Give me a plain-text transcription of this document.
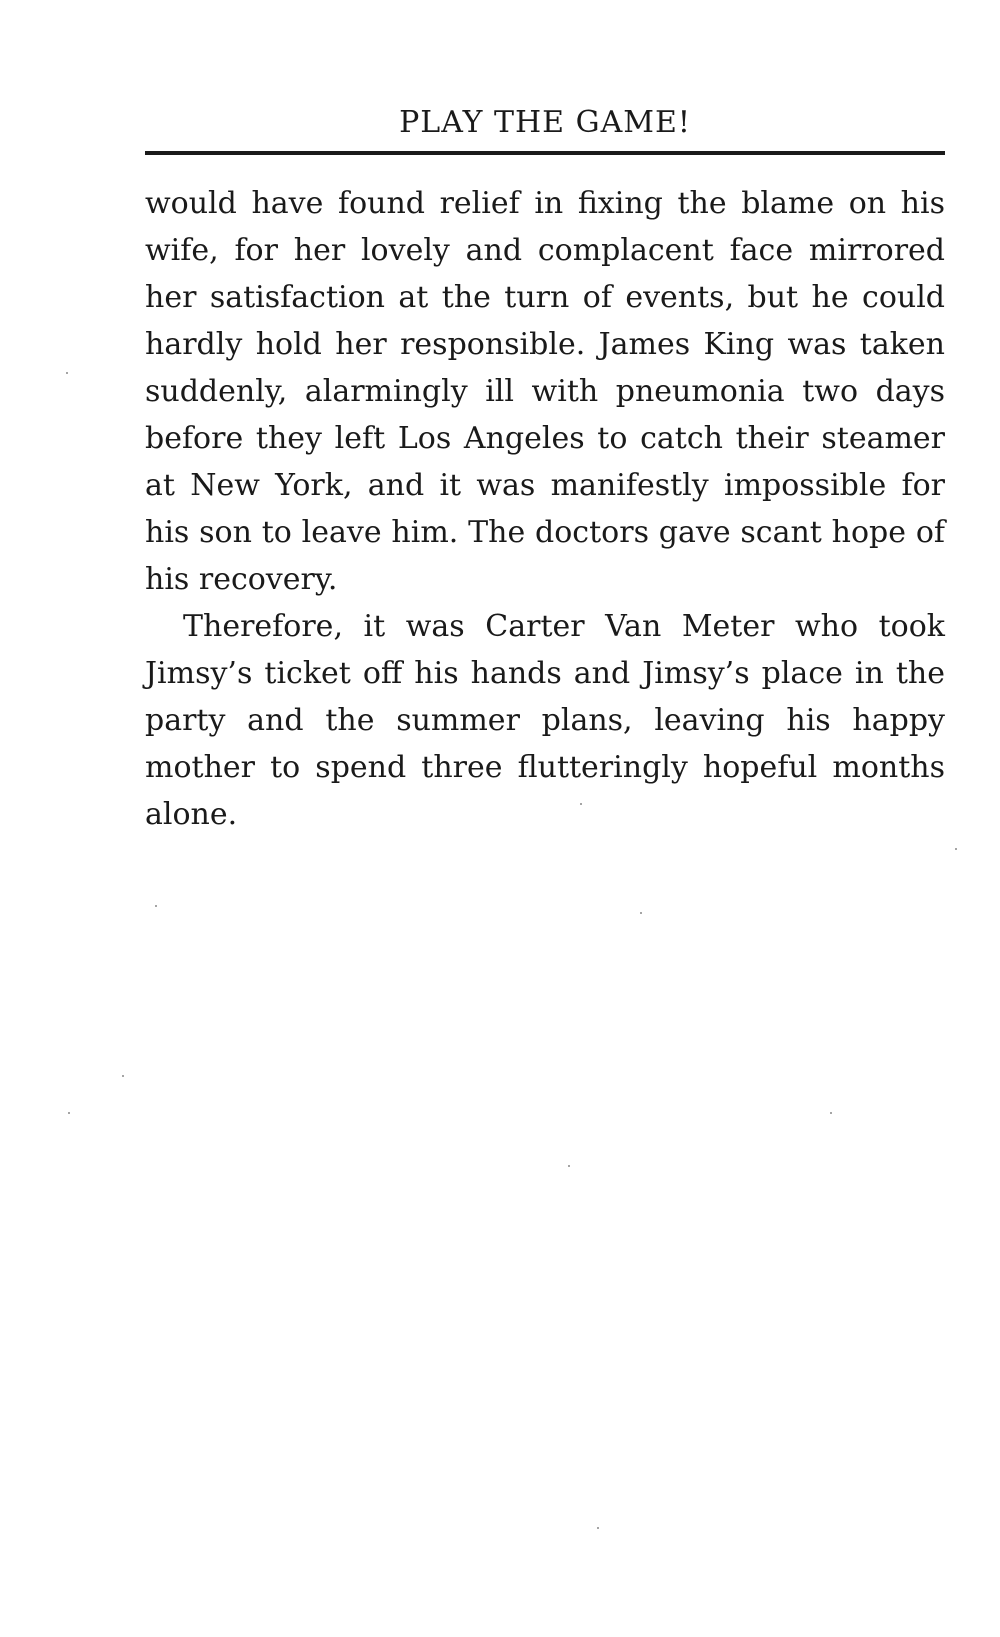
PLAY THE GAME!

would have found relief in fixing the blame on his wife, for her lovely and complacent face mirrored her satisfaction at the turn of events, but he could hardly hold her responsible. James King was taken suddenly, alarmingly ill with pneumonia two days before they left Los Angeles to catch their steamer at New York, and it was manifestly impossible for his son to leave him. The doctors gave scant hope of his recovery.

Therefore, it was Carter Van Meter who took Jimsy’s ticket off his hands and Jimsy’s place in the party and the summer plans, leaving his happy mother to spend three flutteringly hopeful months alone.
